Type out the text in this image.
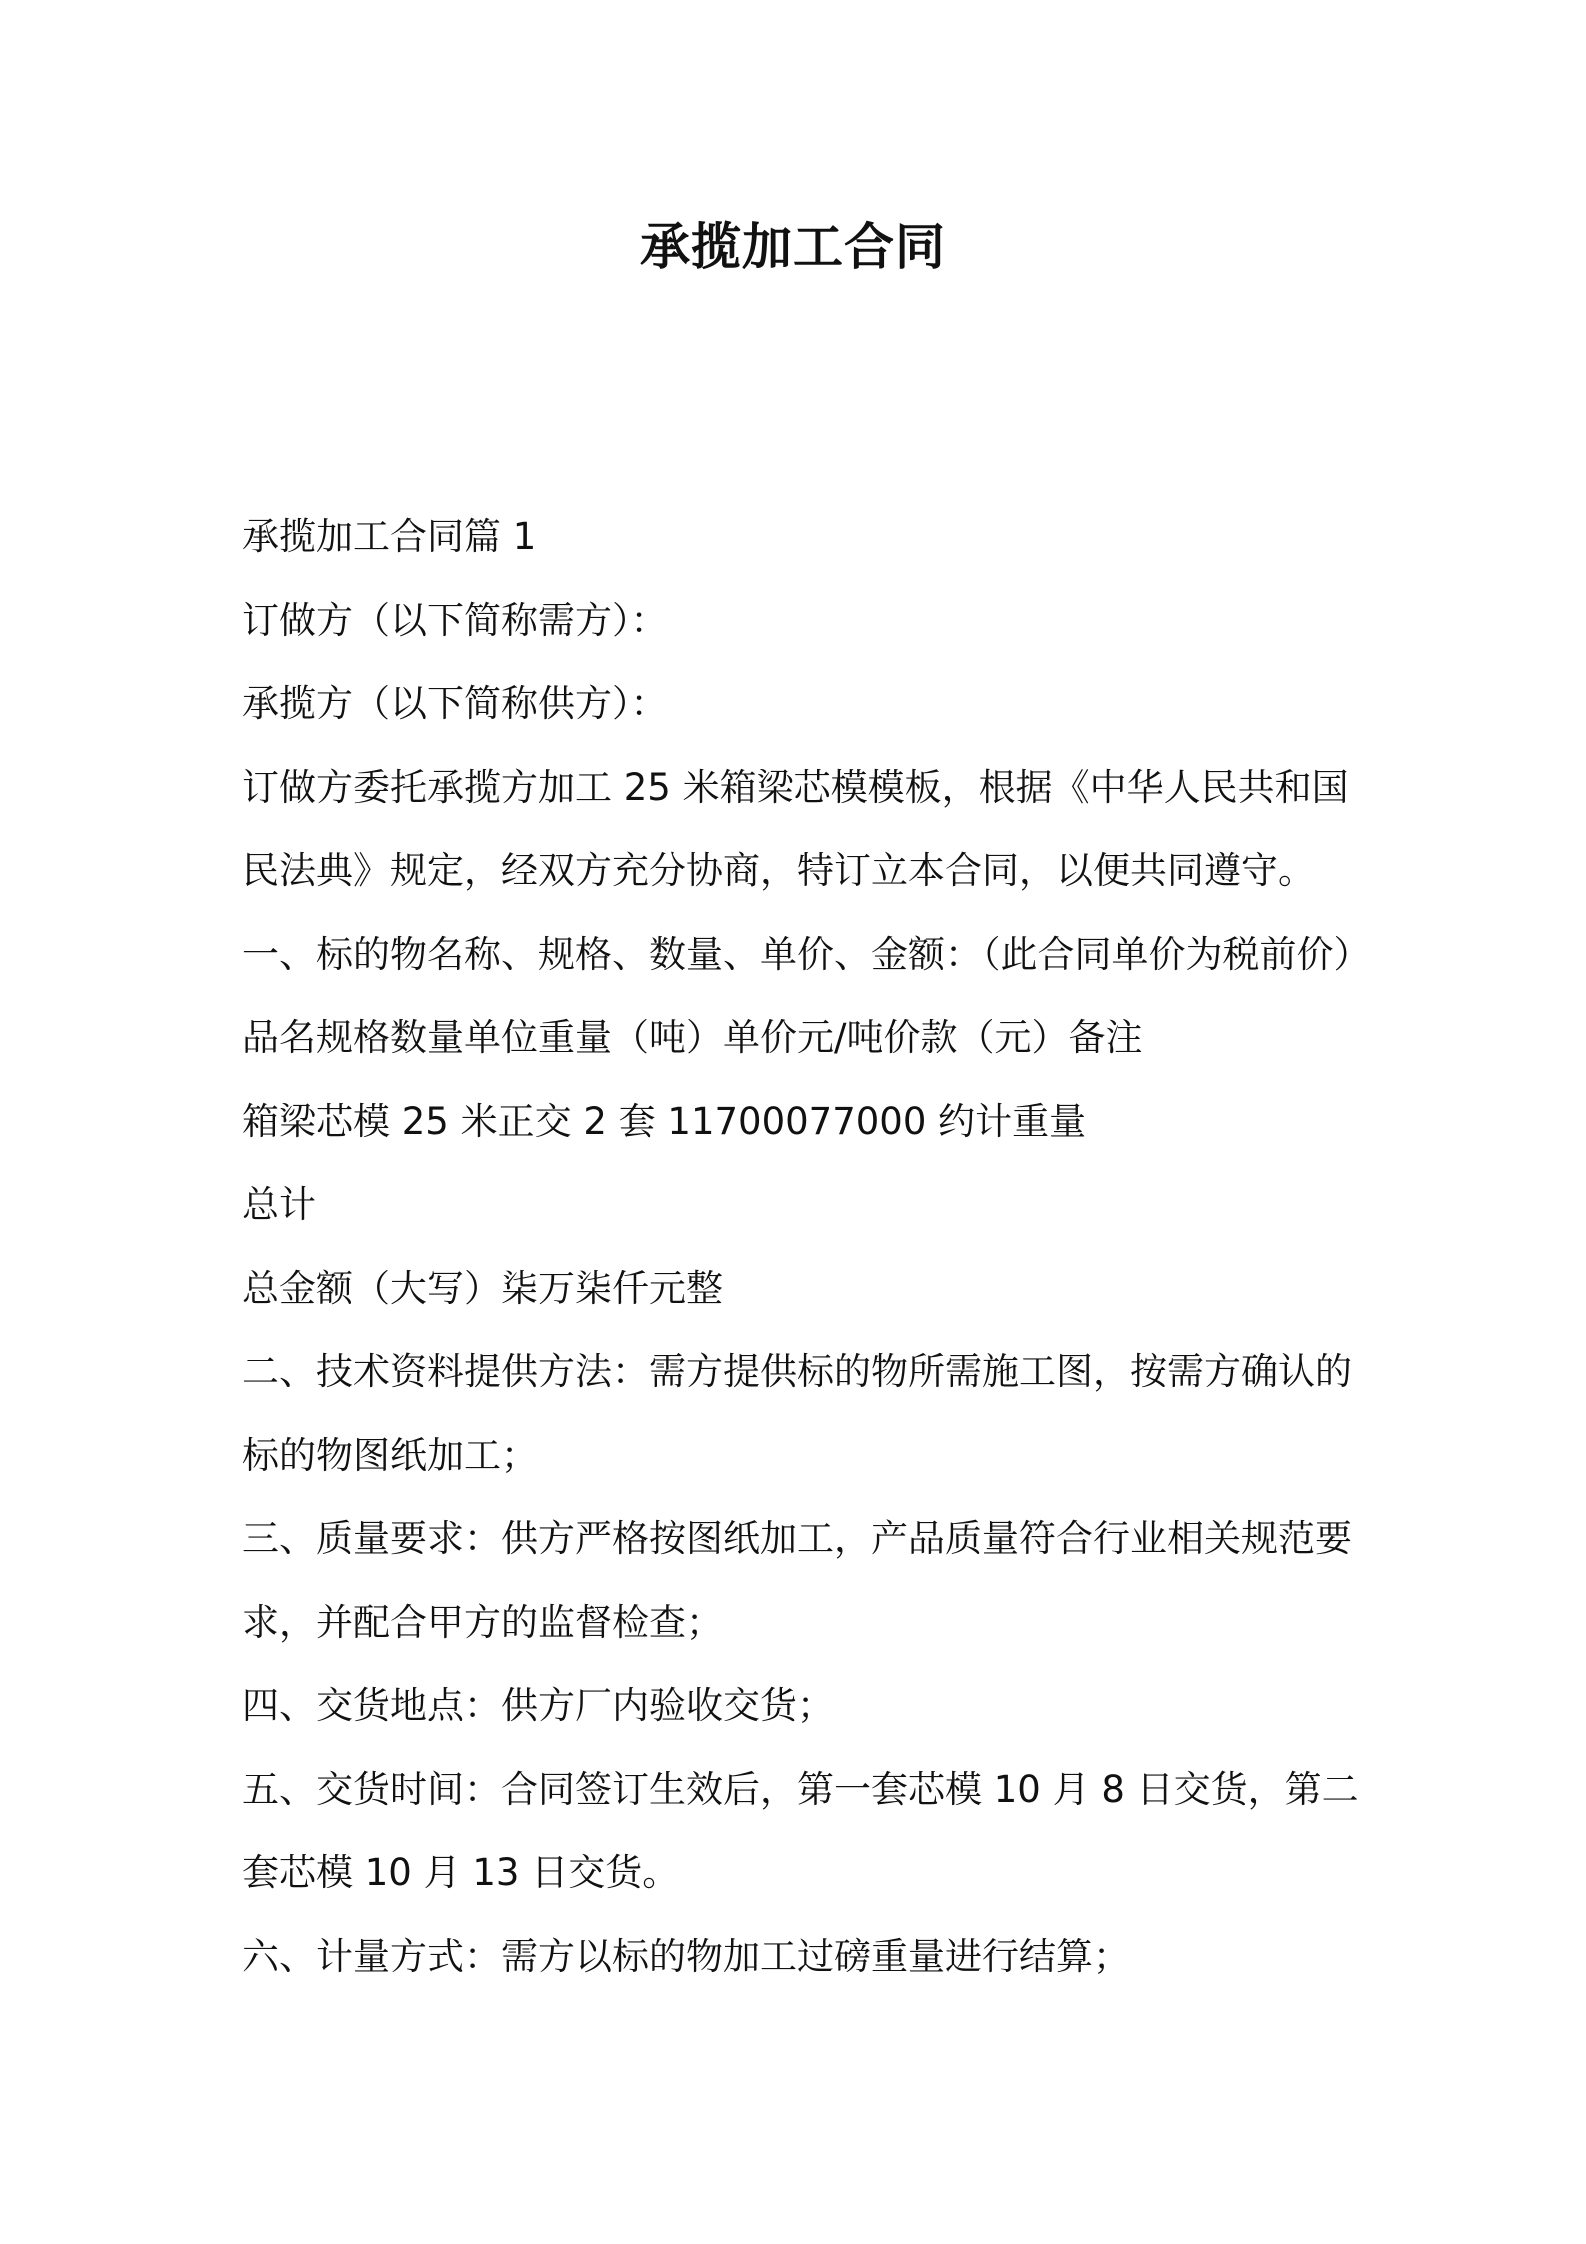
承揽加工合同

承揽加工合同篇 1

订做方（以下简称需方）：

承揽方（以下简称供方）：

订做方委托承揽方加工 25 米箱梁芯模模板，根据《中华人民共和国

民法典》规定，经双方充分协商，特订立本合同，以便共同遵守。

一、标的物名称、规格、数量、单价、金额：（此合同单价为税前价）

品名规格数量单位重量（吨）单价元/吨价款（元）备注

箱梁芯模 25 米正交 2 套 11700077000 约计重量

总计

总金额（大写）柒万柒仟元整

二、技术资料提供方法：需方提供标的物所需施工图，按需方确认的

标的物图纸加工；

三、质量要求：供方严格按图纸加工，产品质量符合行业相关规范要

求，并配合甲方的监督检查；

四、交货地点：供方厂内验收交货；

五、交货时间：合同签订生效后，第一套芯模 10 月 8 日交货，第二

套芯模 10 月 13 日交货。

六、计量方式：需方以标的物加工过磅重量进行结算；
